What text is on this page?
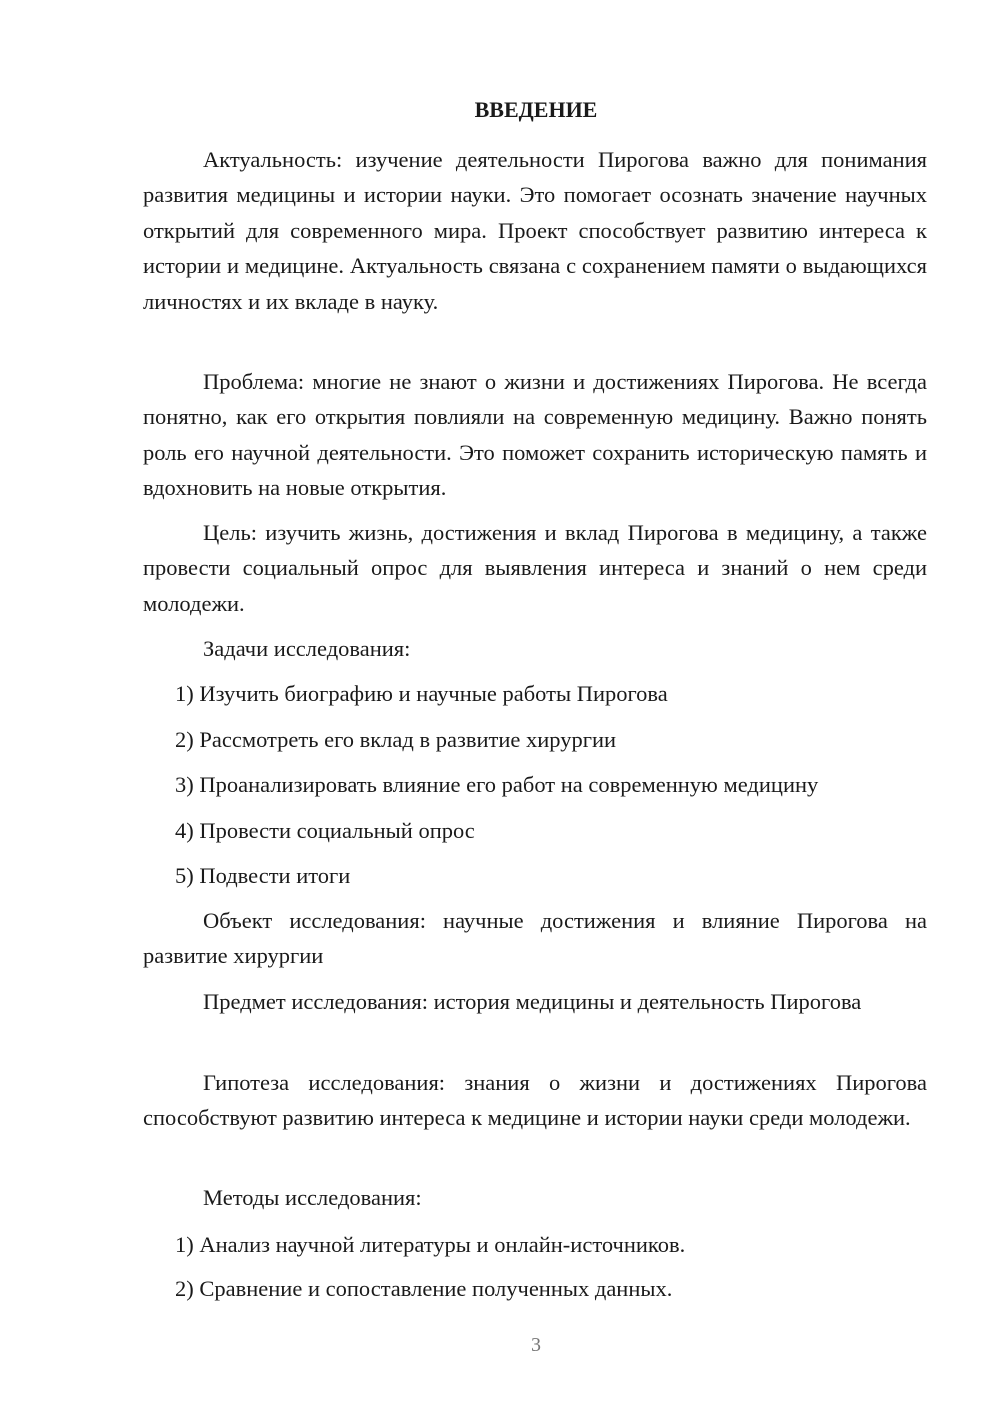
ВВЕДЕНИЕ

Актуальность: изучение деятельности Пирогова важно для понимания развития медицины и истории науки. Это помогает осознать значение научных открытий для современного мира. Проект способствует развитию интереса к истории и медицине. Актуальность связана с сохранением памяти о выдающихся личностях и их вкладе в науку.

Проблема: многие не знают о жизни и достижениях Пирогова. Не всегда понятно, как его открытия повлияли на современную медицину. Важно понять роль его научной деятельности. Это поможет сохранить историческую память и вдохновить на новые открытия.

Цель: изучить жизнь, достижения и вклад Пирогова в медицину, а также провести социальный опрос для выявления интереса и знаний о нем среди молодежи.

Задачи исследования:

1) Изучить биографию и научные работы Пирогова

2) Рассмотреть его вклад в развитие хирургии

3) Проанализировать влияние его работ на современную медицину

4) Провести социальный опрос

5) Подвести итоги

Объект исследования: научные достижения и влияние Пирогова на развитие хирургии

Предмет исследования: история медицины и деятельность Пирогова

Гипотеза исследования: знания о жизни и достижениях Пирогова способствуют развитию интереса к медицине и истории науки среди молодежи.

Методы исследования:

1) Анализ научной литературы и онлайн-источников.

2) Сравнение и сопоставление полученных данных.

3
